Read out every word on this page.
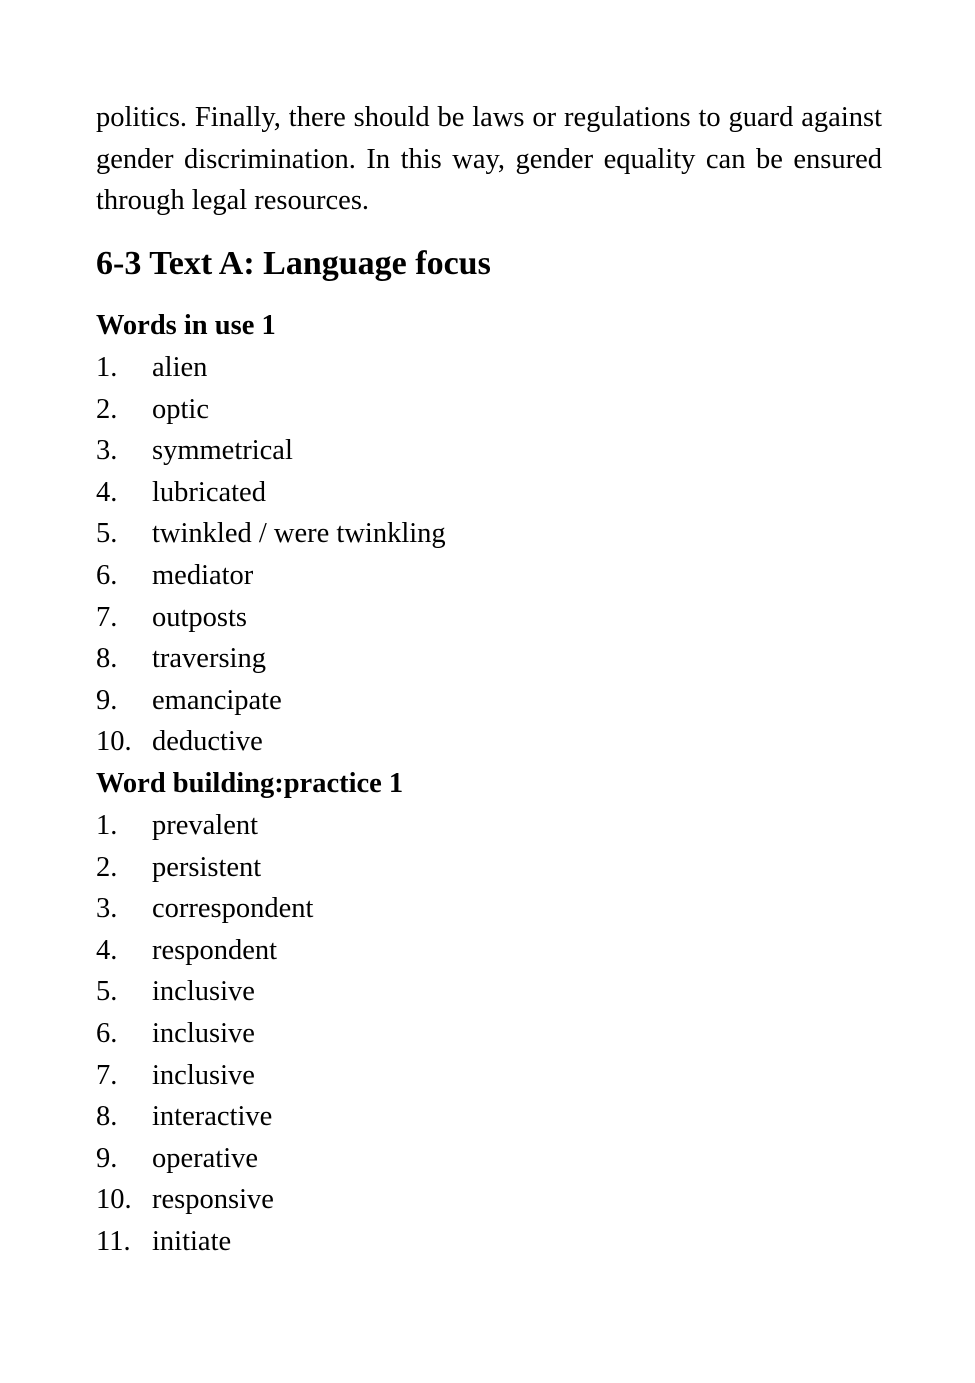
politics. Finally, there should be laws or regulations to guard against gender discrimination. In this way, gender equality can be ensured through legal resources.

6-3 Text A: Language focus
Words in use 1
1.	alien
2.	optic
3.	symmetrical
4.	lubricated
5.	twinkled / were twinkling
6.	mediator
7.	outposts
8.	traversing
9.	emancipate
10. deductive
Word building:practice 1
1.	prevalent
2.	persistent
3.	correspondent
4.	respondent
5.	inclusive
6.	inclusive
7.	inclusive
8.	interactive
9.	operative
10. responsive
11. initiate
